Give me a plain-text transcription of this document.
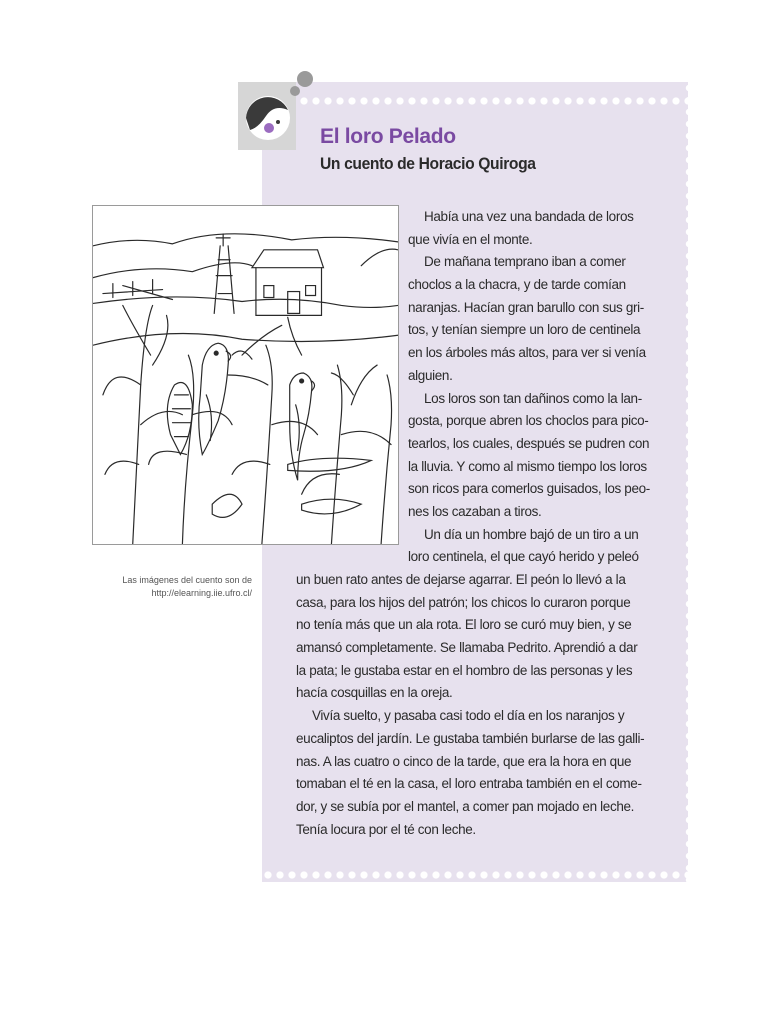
El loro Pelado
Un cuento de Horacio Quiroga
Las imágenes del cuento son de
http://elearning.iie.ufro.cl/
Había una vez una bandada de loros
que vivía en el monte.
De mañana temprano iban a comer
choclos a la chacra, y de tarde comían
naranjas. Hacían gran barullo con sus gri-
tos, y tenían siempre un loro de centinela
en los árboles más altos, para ver si venía
alguien.
Los loros son tan dañinos como la lan-
gosta, porque abren los choclos para pico-
tearlos, los cuales, después se pudren con
la lluvia. Y como al mismo tiempo los loros
son ricos para comerlos guisados, los peo-
nes los cazaban a tiros.
Un día un hombre bajó de un tiro a un
loro centinela, el que cayó herido y peleó
un buen rato antes de dejarse agarrar. El peón lo llevó a la
casa, para los hijos del patrón; los chicos lo curaron porque
no tenía más que un ala rota. El loro se curó muy bien, y se
amansó completamente. Se llamaba Pedrito. Aprendió a dar
la pata; le gustaba estar en el hombro de las personas y les
hacía cosquillas en la oreja.
Vivía suelto, y pasaba casi todo el día en los naranjos y
eucaliptos del jardín. Le gustaba también burlarse de las galli-
nas. A las cuatro o cinco de la tarde, que era la hora en que
tomaban el té en la casa, el loro entraba también en el come-
dor, y se subía por el mantel, a comer pan mojado en leche.
Tenía locura por el té con leche.
